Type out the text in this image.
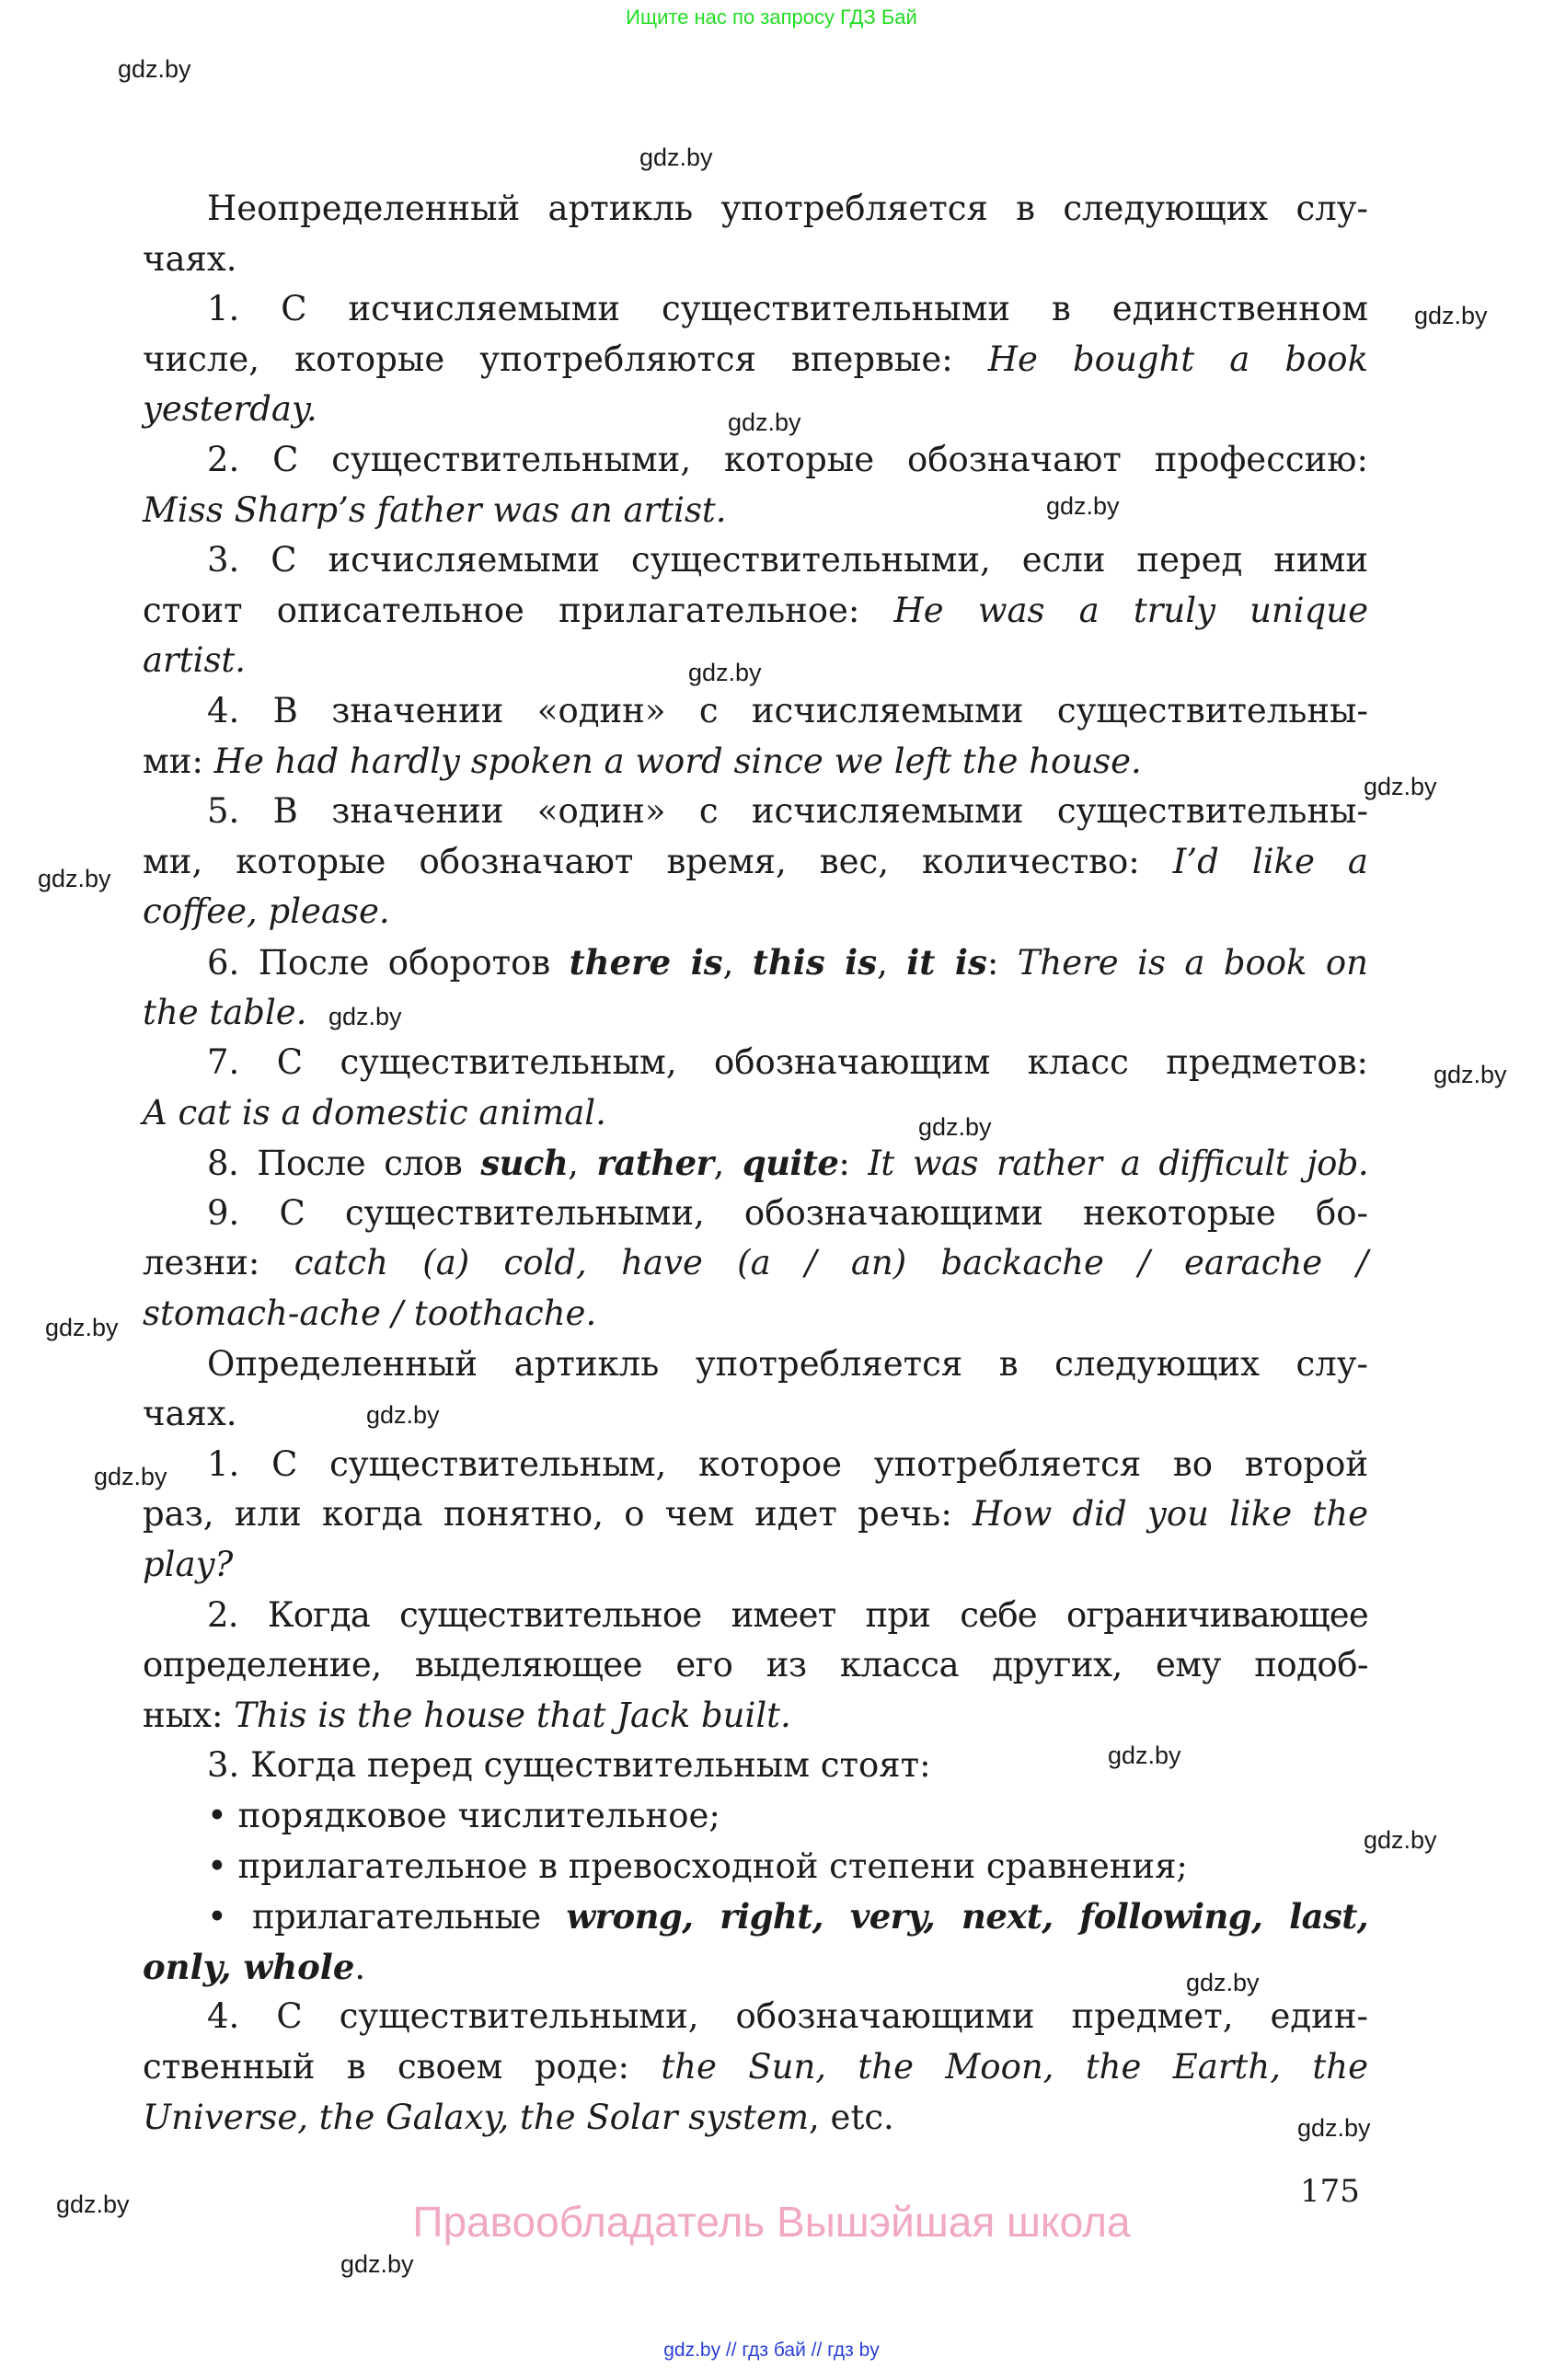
Ищите нас по запросу ГДЗ Бай
gdz.by
gdz.by
gdz.by
gdz.by
gdz.by
gdz.by
gdz.by
gdz.by
gdz.by
gdz.by
gdz.by
gdz.by
gdz.by
gdz.by
gdz.by
gdz.by
gdz.by
gdz.by
gdz.by
gdz.by
Неопределенный артикль употребляется в следующих слу-
чаях.
1. С исчисляемыми существительными в единственном
числе, которые употребляются впервые: He bought a book
yesterday.
2. С существительными, которые обозначают профессию:
Miss Sharp’s father was an artist.
3. С исчисляемыми существительными, если перед ними
стоит описательное прилагательное: He was a truly unique
artist.
4. В значении «один» с исчисляемыми существительны-
ми: He had hardly spoken a word since we left the house.
5. В значении «один» с исчисляемыми существительны-
ми, которые обозначают время, вес, количество: I’d like a
coffee, please.
6. После оборотов there is, this is, it is: There is a book on
the table.
7. С существительным, обозначающим класс предметов:
A cat is a domestic animal.
8. После слов such, rather, quite: It was rather a difficult job.
9. С существительными, обозначающими некоторые бо-
лезни: catch (a) cold, have (a / an) backache / earache /
stomach-ache / toothache.
Определенный артикль употребляется в следующих слу-
чаях.
1. С существительным, которое употребляется во второй
раз, или когда понятно, о чем идет речь: How did you like the
play?
2. Когда существительное имеет при себе ограничивающее
определение, выделяющее его из класса других, ему подоб-
ных: This is the house that Jack built.
3. Когда перед существительным стоят:
• порядковое числительное;
• прилагательное в превосходной степени сравнения;
• прилагательные wrong, right, very, next, following, last,
only, whole.
4. С существительными, обозначающими предмет, един-
ственный в своем роде: the Sun, the Moon, the Earth, the
Universe, the Galaxy, the Solar system, etc.
175
Правообладатель Вышэйшая школа
gdz.by // гдз бай // гдз by
